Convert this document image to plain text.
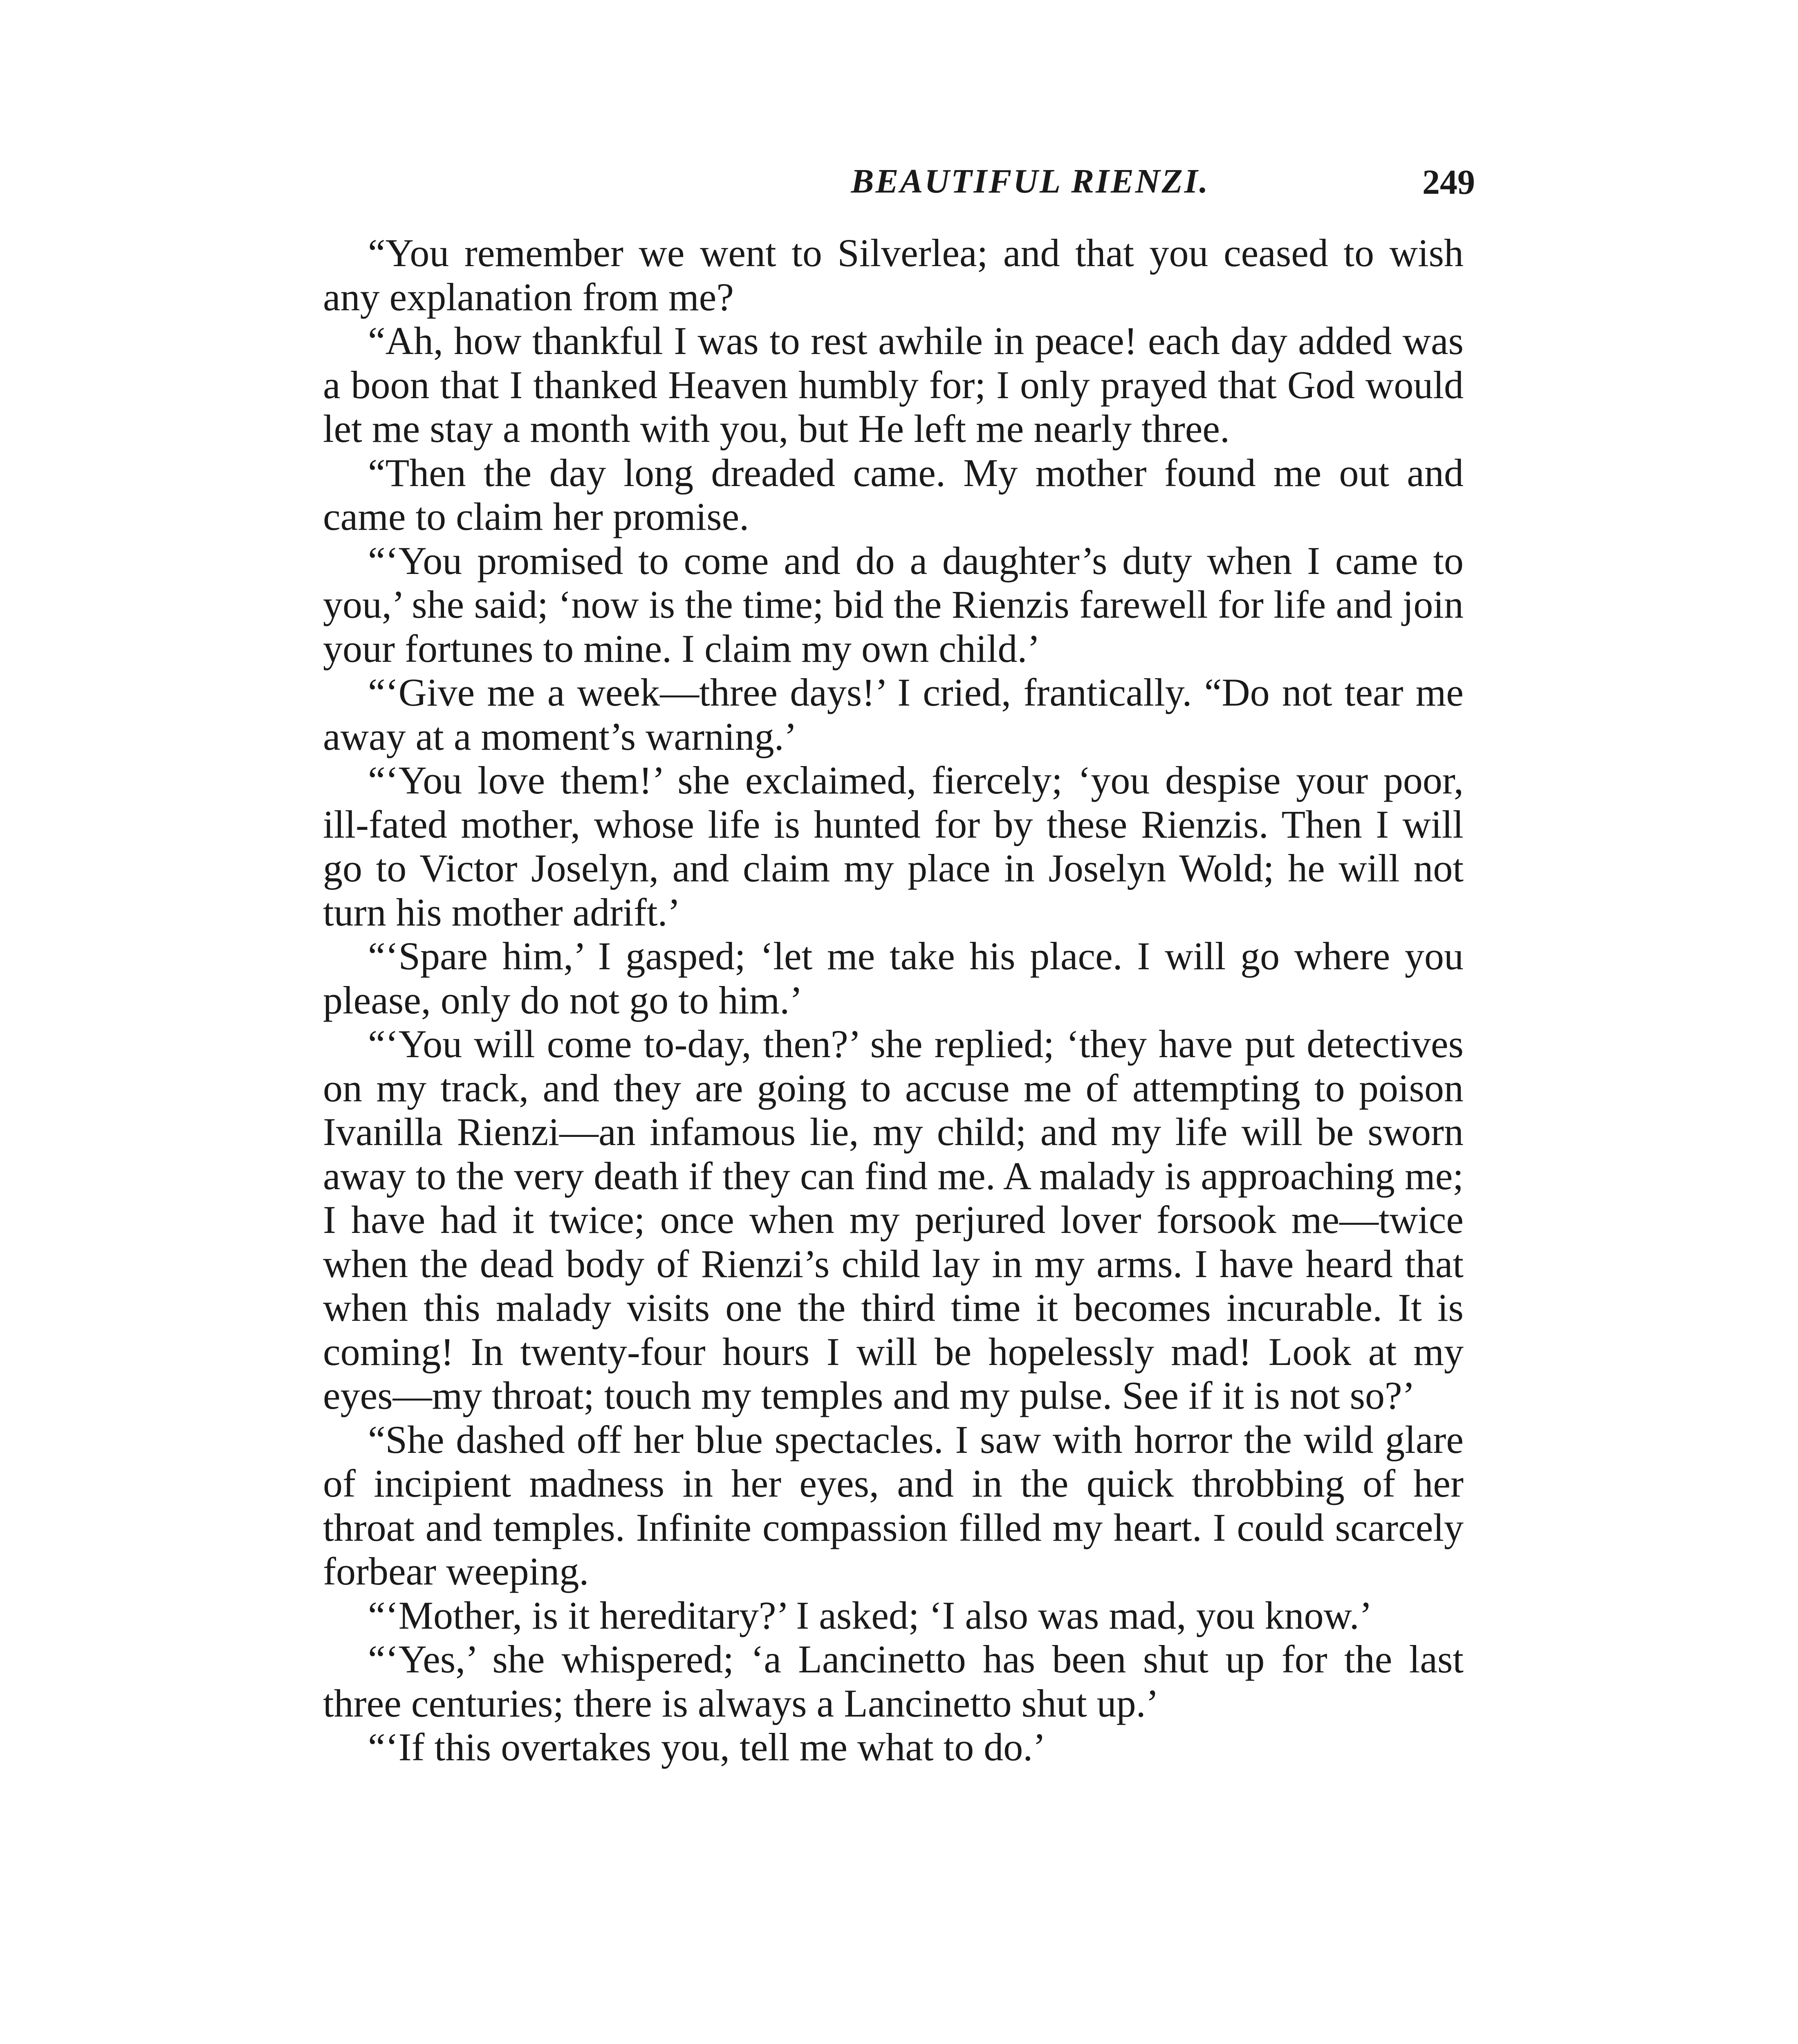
BEAUTIFUL RIENZI.	249

“You remember we went to Silverlea; and that you ceased to wish any explanation from me?

“Ah, how thankful I was to rest awhile in peace! each day added was a boon that I thanked Heaven humbly for; I only prayed that God would let me stay a month with you, but He left me nearly three.

“Then the day long dreaded came. My mother found me out and came to claim her promise.

“‘You promised to come and do a daughter’s duty when I came to you,’ she said; ‘now is the time; bid the Rienzis farewell for life and join your fortunes to mine. I claim my own child.’

“‘Give me a week—three days!’ I cried, frantically. “Do not tear me away at a moment’s warning.’

“‘You love them!’ she exclaimed, fiercely; ‘you despise your poor, ill-fated mother, whose life is hunted for by these Rienzis. Then I will go to Victor Joselyn, and claim my place in Joselyn Wold; he will not turn his mother adrift.’

“‘Spare him,’ I gasped; ‘let me take his place. I will go where you please, only do not go to him.’

“‘You will come to-day, then?’ she replied; ‘they have put detectives on my track, and they are going to accuse me of attempting to poison Ivanilla Rienzi—an infamous lie, my child; and my life will be sworn away to the very death if they can find me. A malady is approaching me; I have had it twice; once when my perjured lover forsook me—twice when the dead body of Rienzi’s child lay in my arms. I have heard that when this malady visits one the third time it becomes incurable. It is coming! In twenty-four hours I will be hopelessly mad! Look at my eyes—my throat; touch my temples and my pulse. See if it is not so?’

“She dashed off her blue spectacles. I saw with horror the wild glare of incipient madness in her eyes, and in the quick throbbing of her throat and temples. Infinite compassion filled my heart. I could scarcely forbear weeping.

“‘Mother, is it hereditary?’ I asked; ‘I also was mad, you know.’

“‘Yes,’ she whispered; ‘a Lancinetto has been shut up for the last three centuries; there is always a Lancinetto shut up.’

“‘If this overtakes you, tell me what to do.’
